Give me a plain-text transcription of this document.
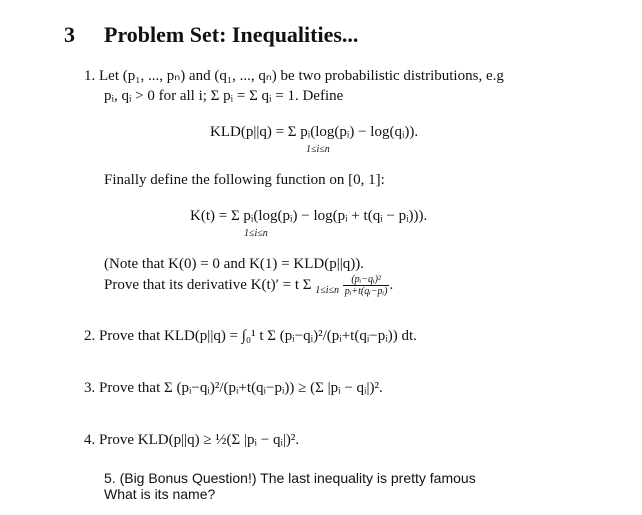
3 Problem Set: Inequalities...
1. Let (p₁, ..., pₙ) and (q₁, ..., qₙ) be two probabilistic distributions, e.g
pᵢ, qᵢ > 0 for all i; Σ pᵢ = Σ qᵢ = 1. Define
KLD(p||q) = Σ pᵢ(log(pᵢ) − log(qᵢ)).
1≤i≤n
Finally define the following function on [0, 1]:
K(t) = Σ pᵢ(log(pᵢ) − log(pᵢ + t(qᵢ − pᵢ))).
1≤i≤n
(Note that K(0) = 0 and K(1) = KLD(p||q)).
Prove that its derivative K(t)′ = t Σ $_{1\le i\le n} \frac{\text{(pᵢ−qᵢ)²}}{\text{pᵢ+t(qᵢ−pᵢ)}}$ .
2. Prove that KLD(p||q) = ∫₀¹ t Σ (pᵢ−qᵢ)²/(pᵢ+t(qᵢ−pᵢ)) dt.
3. Prove that Σ (pᵢ−qᵢ)²/(pᵢ+t(qᵢ−pᵢ)) ≥ (Σ |pᵢ − qᵢ|)².
4. Prove KLD(p||q) ≥ ½(Σ |pᵢ − qᵢ|)².
5. (Big Bonus Question!) The last inequality is pretty famous What is its name?
